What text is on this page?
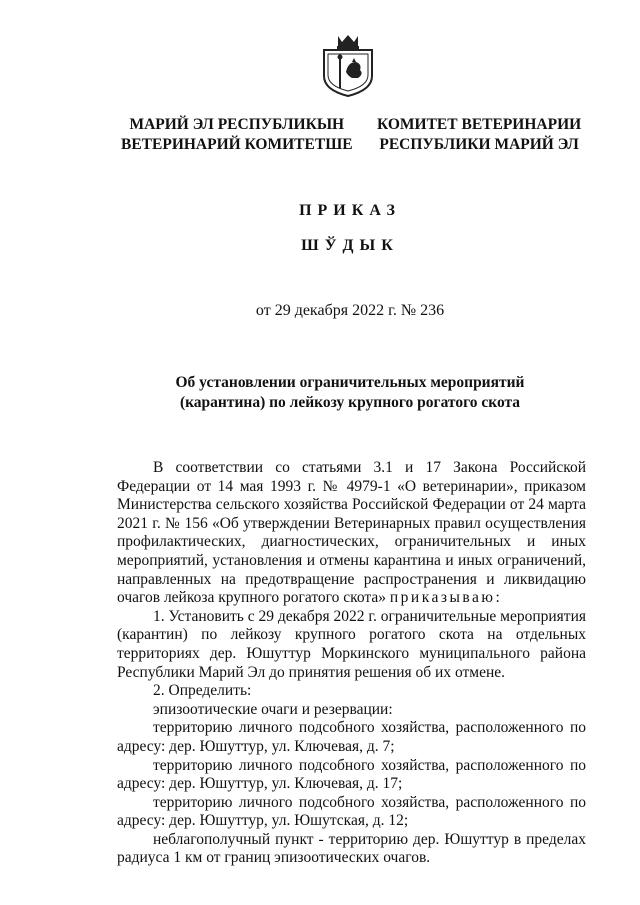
МАРИЙ ЭЛ РЕСПУБЛИКЫН
ВЕТЕРИНАРИЙ КОМИТЕТШЕ
КОМИТЕТ ВЕТЕРИНАРИИ
РЕСПУБЛИКИ МАРИЙ ЭЛ
ПРИКАЗ
ШЎДЫК
от 29 декабря 2022 г. № 236
Об установлении ограничительных мероприятий
(карантина) по лейкозу крупного рогатого скота
В соответствии со статьями 3.1 и 17 Закона Российской Федерации от 14 мая 1993 г. № 4979-1 «О ветеринарии», приказом Министерства сельского хозяйства Российской Федерации от 24 марта 2021 г. № 156 «Об утверждении Ветеринарных правил осуществления профилактических, диагностических, ограничительных и иных мероприятий, установления и отмены карантина и иных ограничений, направленных на предотвращение распространения и ликвидацию очагов лейкоза крупного рогатого скота» приказываю:
1. Установить с 29 декабря 2022 г. ограничительные мероприятия (карантин) по лейкозу крупного рогатого скота на отдельных территориях дер. Юшуттур Моркинского муниципального района Республики Марий Эл до принятия решения об их отмене.
2. Определить:
эпизоотические очаги и резервации:
территорию личного подсобного хозяйства, расположенного по адресу: дер. Юшуттур, ул. Ключевая, д. 7;
территорию личного подсобного хозяйства, расположенного по адресу: дер. Юшуттур, ул. Ключевая, д. 17;
территорию личного подсобного хозяйства, расположенного по адресу: дер. Юшуттур, ул. Юшутская, д. 12;
неблагополучный пункт - территорию дер. Юшуттур в пределах радиуса 1 км от границ эпизоотических очагов.
